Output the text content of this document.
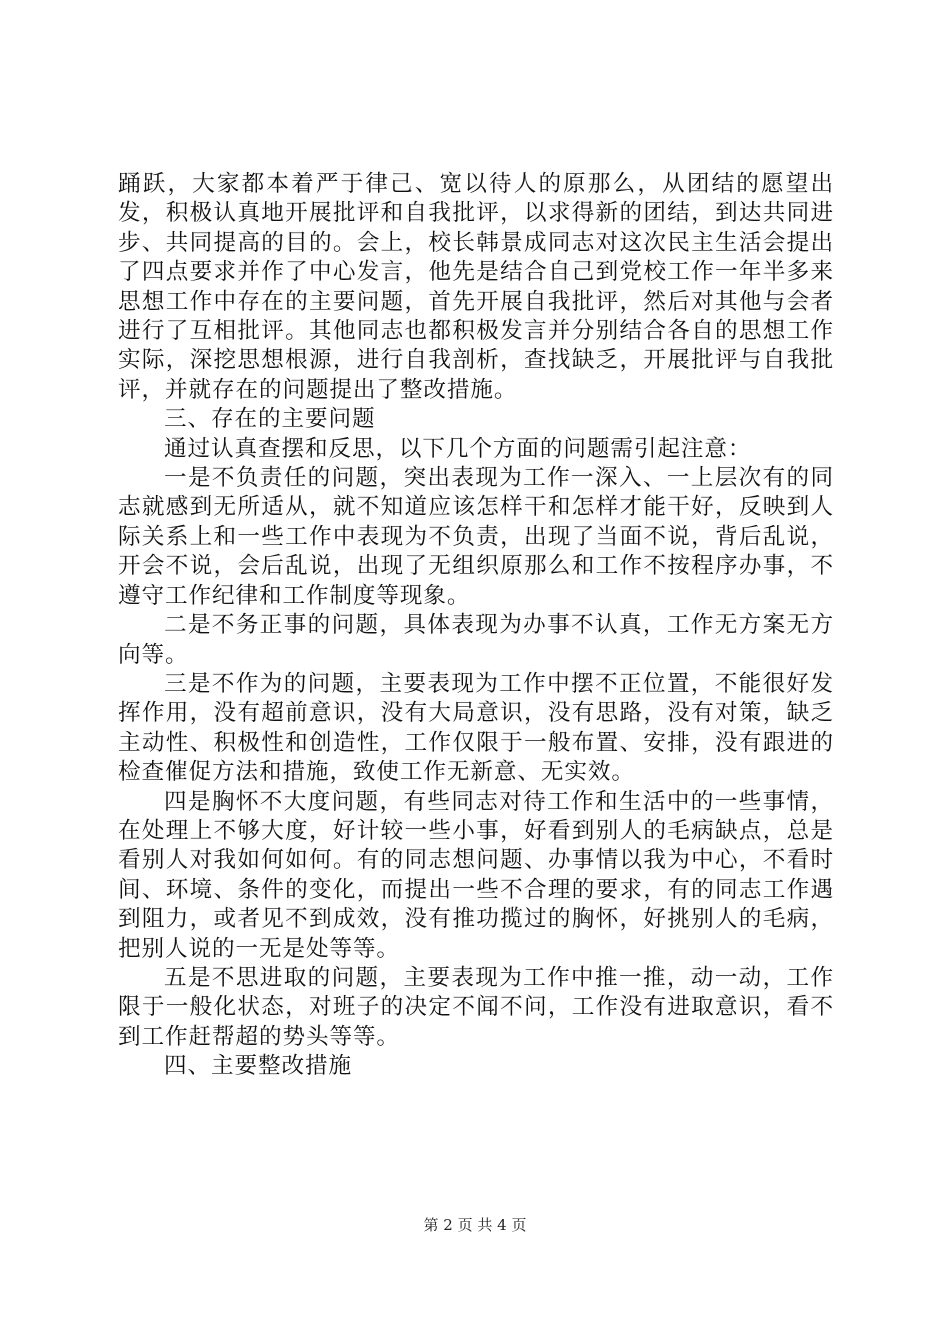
踊跃，大家都本着严于律己、宽以待人的原那么，从团结的愿望出发，积极认真地开展批评和自我批评，以求得新的团结，到达共同进步、共同提高的目的。会上，校长韩景成同志对这次民主生活会提出了四点要求并作了中心发言，他先是结合自己到党校工作一年半多来思想工作中存在的主要问题，首先开展自我批评，然后对其他与会者进行了互相批评。其他同志也都积极发言并分别结合各自的思想工作实际，深挖思想根源，进行自我剖析，查找缺乏，开展批评与自我批评，并就存在的问题提出了整改措施。

三、存在的主要问题

通过认真查摆和反思，以下几个方面的问题需引起注意：

一是不负责任的问题，突出表现为工作一深入、一上层次有的同志就感到无所适从，就不知道应该怎样干和怎样才能干好，反映到人际关系上和一些工作中表现为不负责，出现了当面不说，背后乱说，开会不说，会后乱说，出现了无组织原那么和工作不按程序办事，不遵守工作纪律和工作制度等现象。

二是不务正事的问题，具体表现为办事不认真，工作无方案无方向等。

三是不作为的问题，主要表现为工作中摆不正位置，不能很好发挥作用，没有超前意识，没有大局意识，没有思路，没有对策，缺乏主动性、积极性和创造性，工作仅限于一般布置、安排，没有跟进的检查催促方法和措施，致使工作无新意、无实效。

四是胸怀不大度问题，有些同志对待工作和生活中的一些事情，在处理上不够大度，好计较一些小事，好看到别人的毛病缺点，总是看别人对我如何如何。有的同志想问题、办事情以我为中心，不看时间、环境、条件的变化，而提出一些不合理的要求，有的同志工作遇到阻力，或者见不到成效，没有推功揽过的胸怀，好挑别人的毛病，把别人说的一无是处等等。

五是不思进取的问题，主要表现为工作中推一推，动一动，工作限于一般化状态，对班子的决定不闻不问，工作没有进取意识，看不到工作赶帮超的势头等等。

四、主要整改措施

第 2 页 共 4 页
